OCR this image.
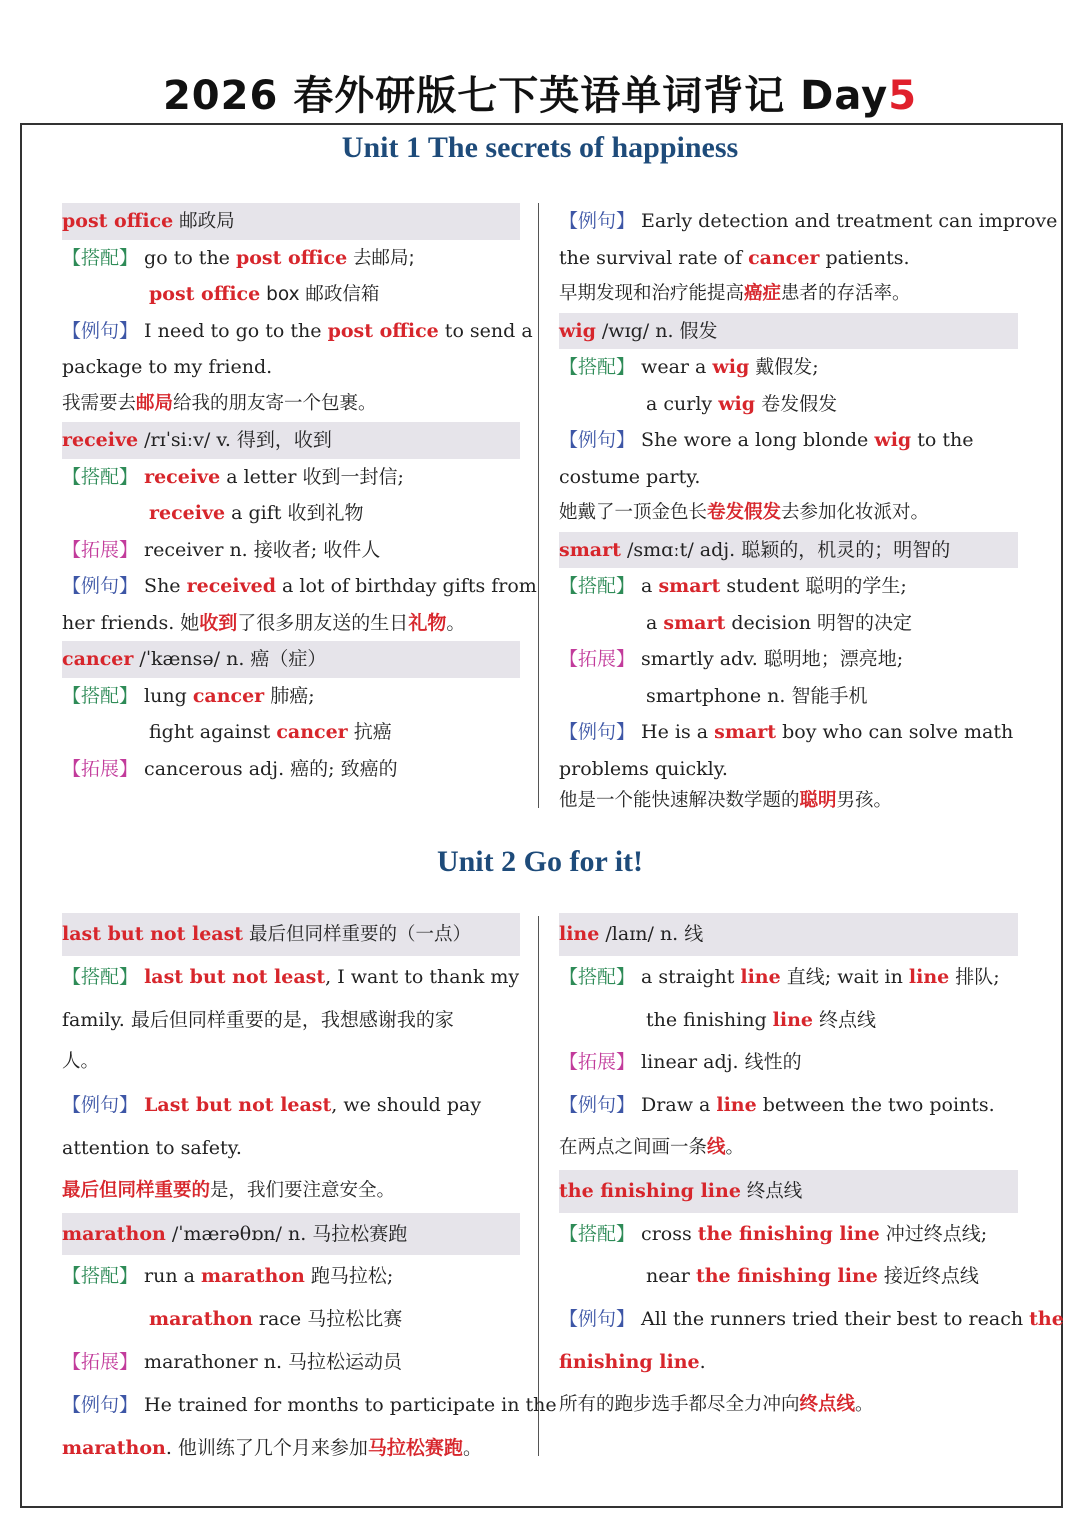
2026 春外研版七下英语单词背记 Day5
Unit 1 The secrets of happiness
post office 邮政局
【搭配】 go to the post office 去邮局;
post office box 邮政信箱
【例句】 I need to go to the post office to send a
package to my friend.
我需要去邮局给我的朋友寄一个包裹。
receive /rɪˈsiːv/ v. 得到，收到
【搭配】 receive a letter 收到一封信;
receive a gift 收到礼物
【拓展】 receiver n. 接收者; 收件人
【例句】 She received a lot of birthday gifts from
her friends. 她收到了很多朋友送的生日礼物。
cancer /ˈkænsə/ n. 癌（症）
【搭配】 lung cancer 肺癌;
fight against cancer 抗癌
【拓展】 cancerous adj. 癌的; 致癌的
【例句】 Early detection and treatment can improve
the survival rate of cancer patients.
早期发现和治疗能提高癌症患者的存活率。
wig /wɪg/ n. 假发
【搭配】 wear a wig 戴假发;
a curly wig 卷发假发
【例句】 She wore a long blonde wig to the
costume party.
她戴了一顶金色长卷发假发去参加化妆派对。
smart /smɑːt/ adj. 聪颖的，机灵的；明智的
【搭配】 a smart student 聪明的学生;
a smart decision 明智的决定
【拓展】 smartly adv. 聪明地；漂亮地;
smartphone n. 智能手机
【例句】 He is a smart boy who can solve math
problems quickly.
他是一个能快速解决数学题的聪明男孩。
Unit 2 Go for it!
last but not least 最后但同样重要的（一点）
【搭配】 last but not least, I want to thank my
family. 最后但同样重要的是，我想感谢我的家
人。
【例句】 Last but not least, we should pay
attention to safety.
最后但同样重要的是，我们要注意安全。
marathon /ˈmærəθɒn/ n. 马拉松赛跑
【搭配】 run a marathon 跑马拉松;
marathon race 马拉松比赛
【拓展】 marathoner n. 马拉松运动员
【例句】 He trained for months to participate in the
marathon. 他训练了几个月来参加马拉松赛跑。
line /laɪn/ n. 线
【搭配】 a straight line 直线; wait in line 排队;
the finishing line 终点线
【拓展】 linear adj. 线性的
【例句】 Draw a line between the two points.
在两点之间画一条线。
the finishing line 终点线
【搭配】 cross the finishing line 冲过终点线;
near the finishing line 接近终点线
【例句】 All the runners tried their best to reach the
finishing line.
所有的跑步选手都尽全力冲向终点线。
